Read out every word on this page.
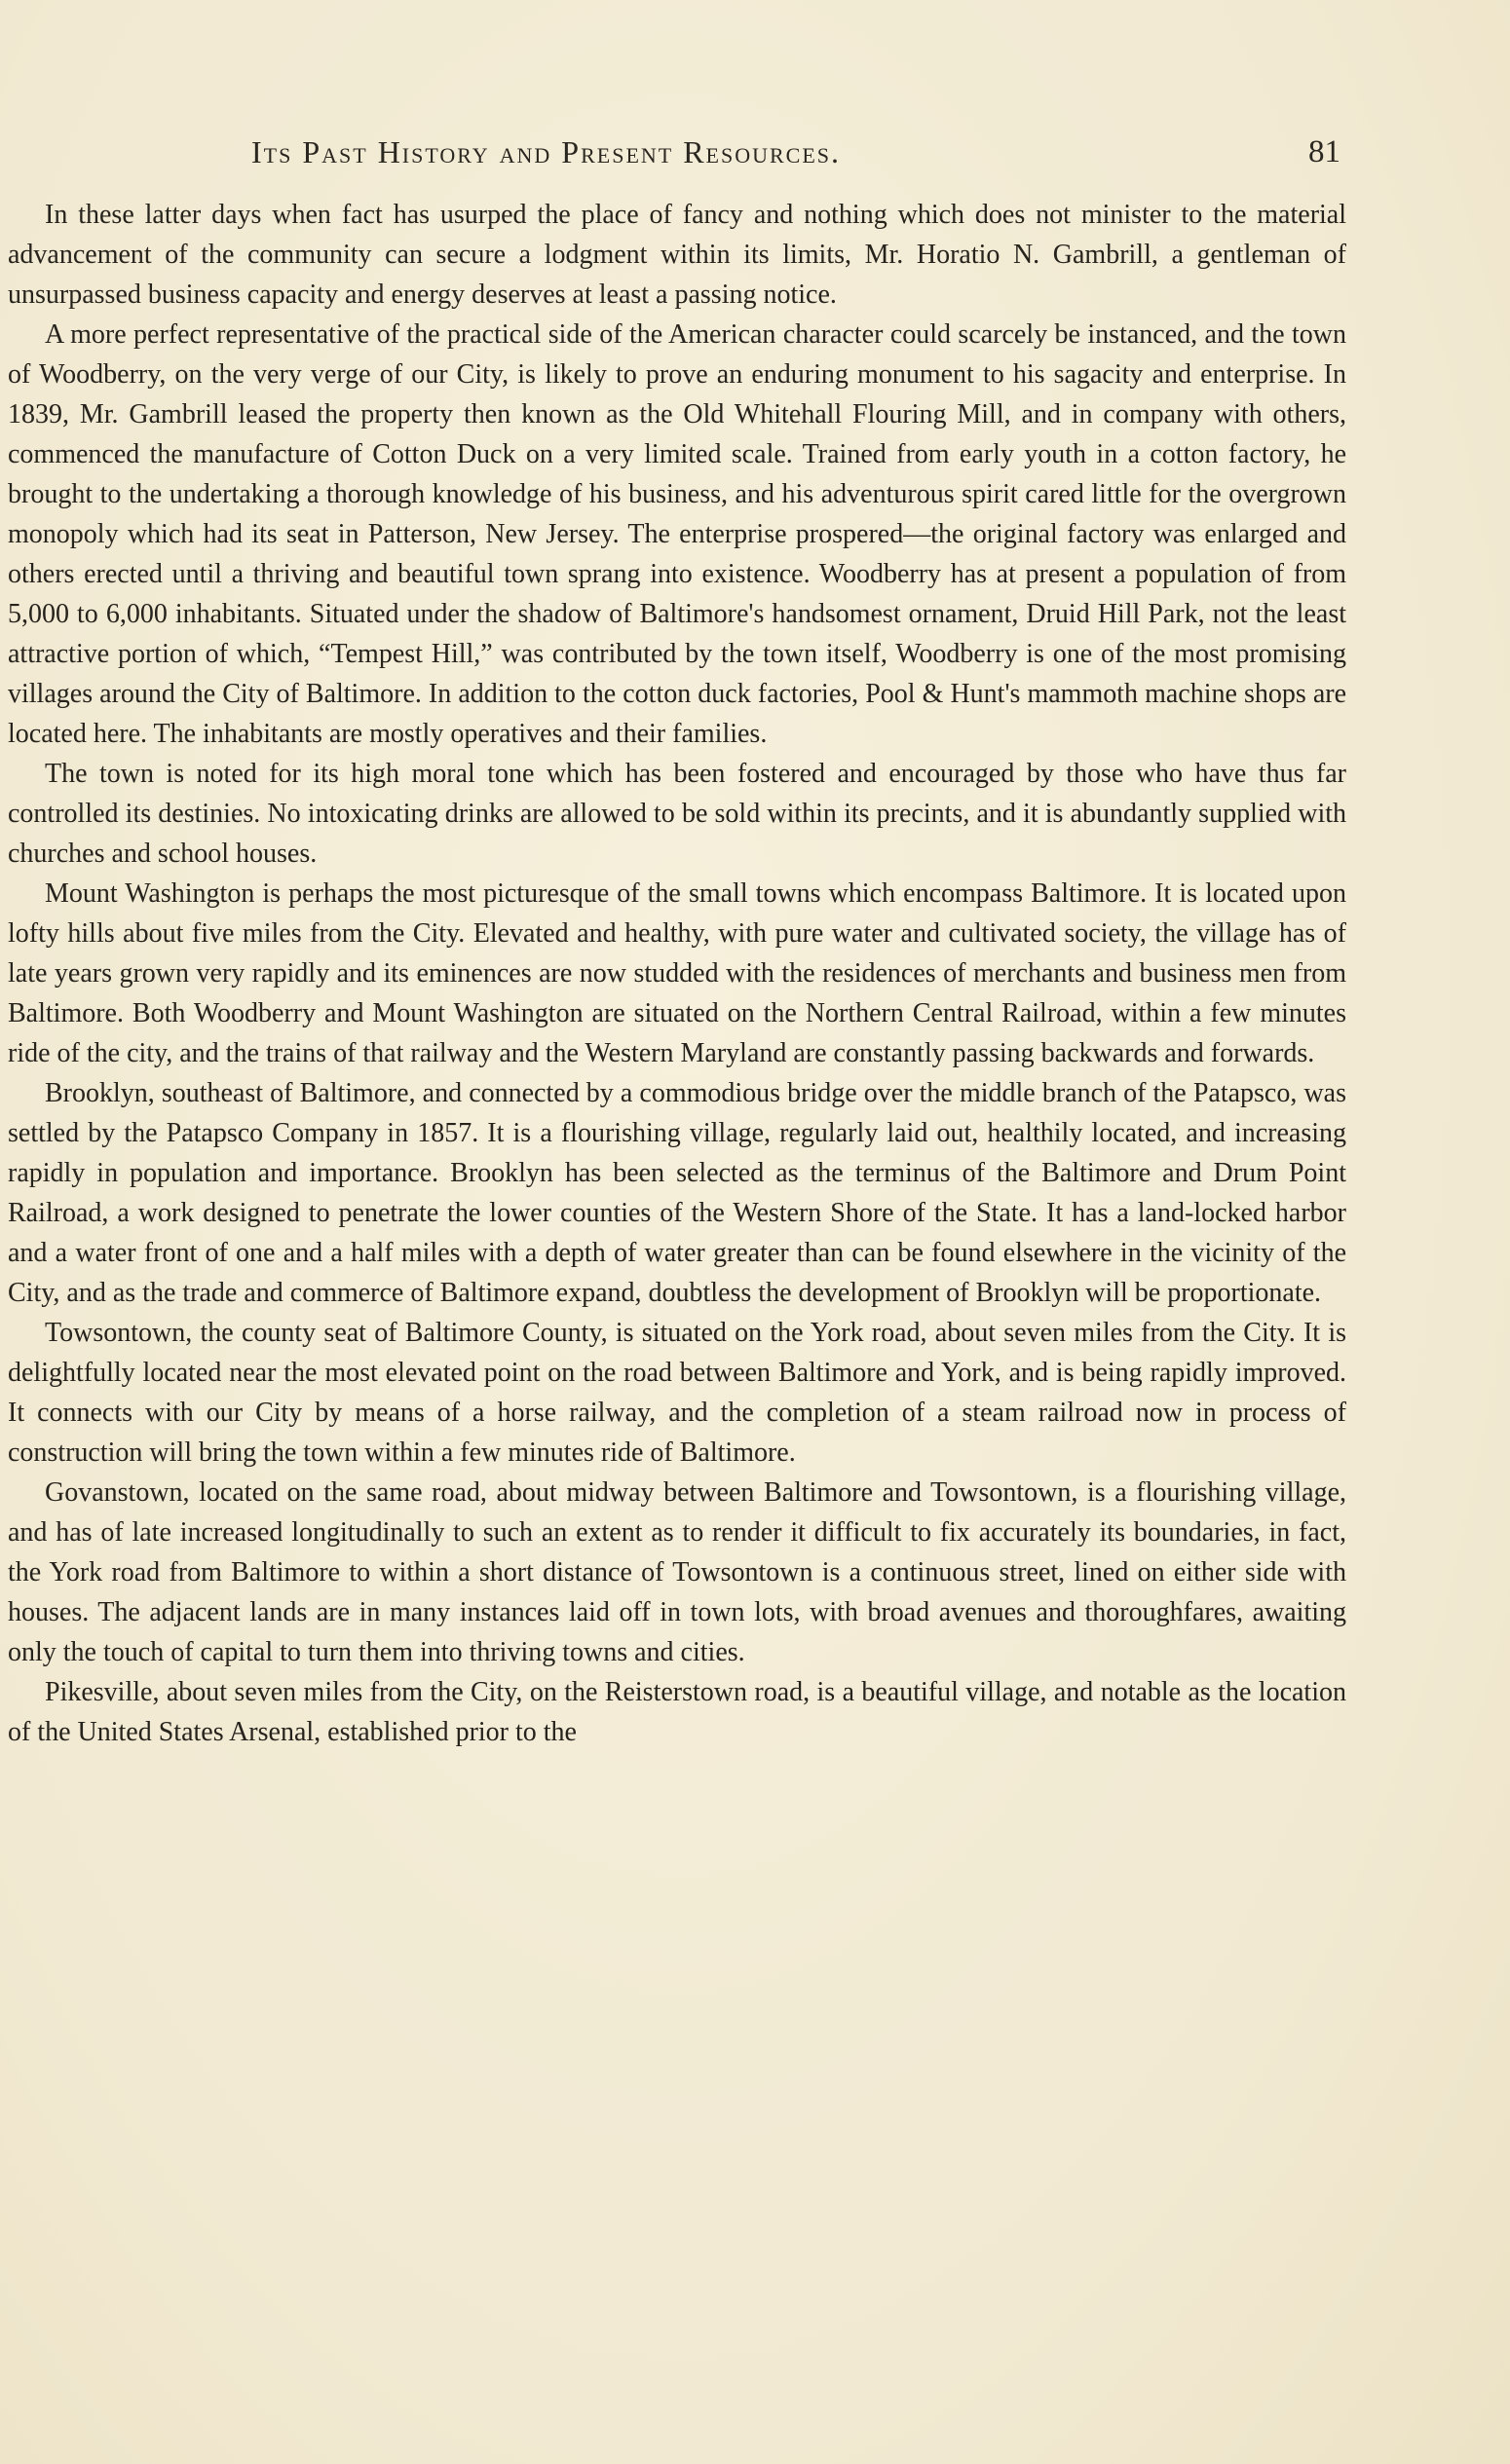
Its Past History and Present Resources.	81

In these latter days when fact has usurped the place of fancy and nothing which does not minister to the material advancement of the community can secure a lodgment within its limits, Mr. Horatio N. Gambrill, a gentleman of unsurpassed business capacity and energy deserves at least a passing notice.

A more perfect representative of the practical side of the American character could scarcely be instanced, and the town of Woodberry, on the very verge of our City, is likely to prove an enduring monument to his sagacity and enterprise. In 1839, Mr. Gambrill leased the property then known as the Old Whitehall Flouring Mill, and in company with others, commenced the manufacture of Cotton Duck on a very limited scale. Trained from early youth in a cotton factory, he brought to the undertaking a thorough knowledge of his business, and his adventurous spirit cared little for the overgrown monopoly which had its seat in Patterson, New Jersey. The enterprise prospered—the original factory was enlarged and others erected until a thriving and beautiful town sprang into existence. Woodberry has at present a population of from 5,000 to 6,000 inhabitants. Situated under the shadow of Baltimore's handsomest ornament, Druid Hill Park, not the least attractive portion of which, “Tempest Hill,” was contributed by the town itself, Woodberry is one of the most promising villages around the City of Baltimore. In addition to the cotton duck factories, Pool & Hunt's mammoth machine shops are located here. The inhabitants are mostly operatives and their families.

The town is noted for its high moral tone which has been fostered and encouraged by those who have thus far controlled its destinies. No intoxicating drinks are allowed to be sold within its precints, and it is abundantly supplied with churches and school houses.

Mount Washington is perhaps the most picturesque of the small towns which encompass Baltimore. It is located upon lofty hills about five miles from the City. Elevated and healthy, with pure water and cultivated society, the village has of late years grown very rapidly and its eminences are now studded with the residences of merchants and business men from Baltimore. Both Woodberry and Mount Washington are situated on the Northern Central Railroad, within a few minutes ride of the city, and the trains of that railway and the Western Maryland are constantly passing backwards and forwards.

Brooklyn, southeast of Baltimore, and connected by a commodious bridge over the middle branch of the Patapsco, was settled by the Patapsco Company in 1857. It is a flourishing village, regularly laid out, healthily located, and increasing rapidly in population and importance. Brooklyn has been selected as the terminus of the Baltimore and Drum Point Railroad, a work designed to penetrate the lower counties of the Western Shore of the State. It has a land-locked harbor and a water front of one and a half miles with a depth of water greater than can be found elsewhere in the vicinity of the City, and as the trade and commerce of Baltimore expand, doubtless the development of Brooklyn will be proportionate.

Towsontown, the county seat of Baltimore County, is situated on the York road, about seven miles from the City. It is delightfully located near the most elevated point on the road between Baltimore and York, and is being rapidly improved. It connects with our City by means of a horse railway, and the completion of a steam railroad now in process of construction will bring the town within a few minutes ride of Baltimore.

Govanstown, located on the same road, about midway between Baltimore and Towsontown, is a flourishing village, and has of late increased longitudinally to such an extent as to render it difficult to fix accurately its boundaries, in fact, the York road from Baltimore to within a short distance of Towsontown is a continuous street, lined on either side with houses. The adjacent lands are in many instances laid off in town lots, with broad avenues and thoroughfares, awaiting only the touch of capital to turn them into thriving towns and cities.

Pikesville, about seven miles from the City, on the Reisterstown road, is a beautiful village, and notable as the location of the United States Arsenal, established prior to the
